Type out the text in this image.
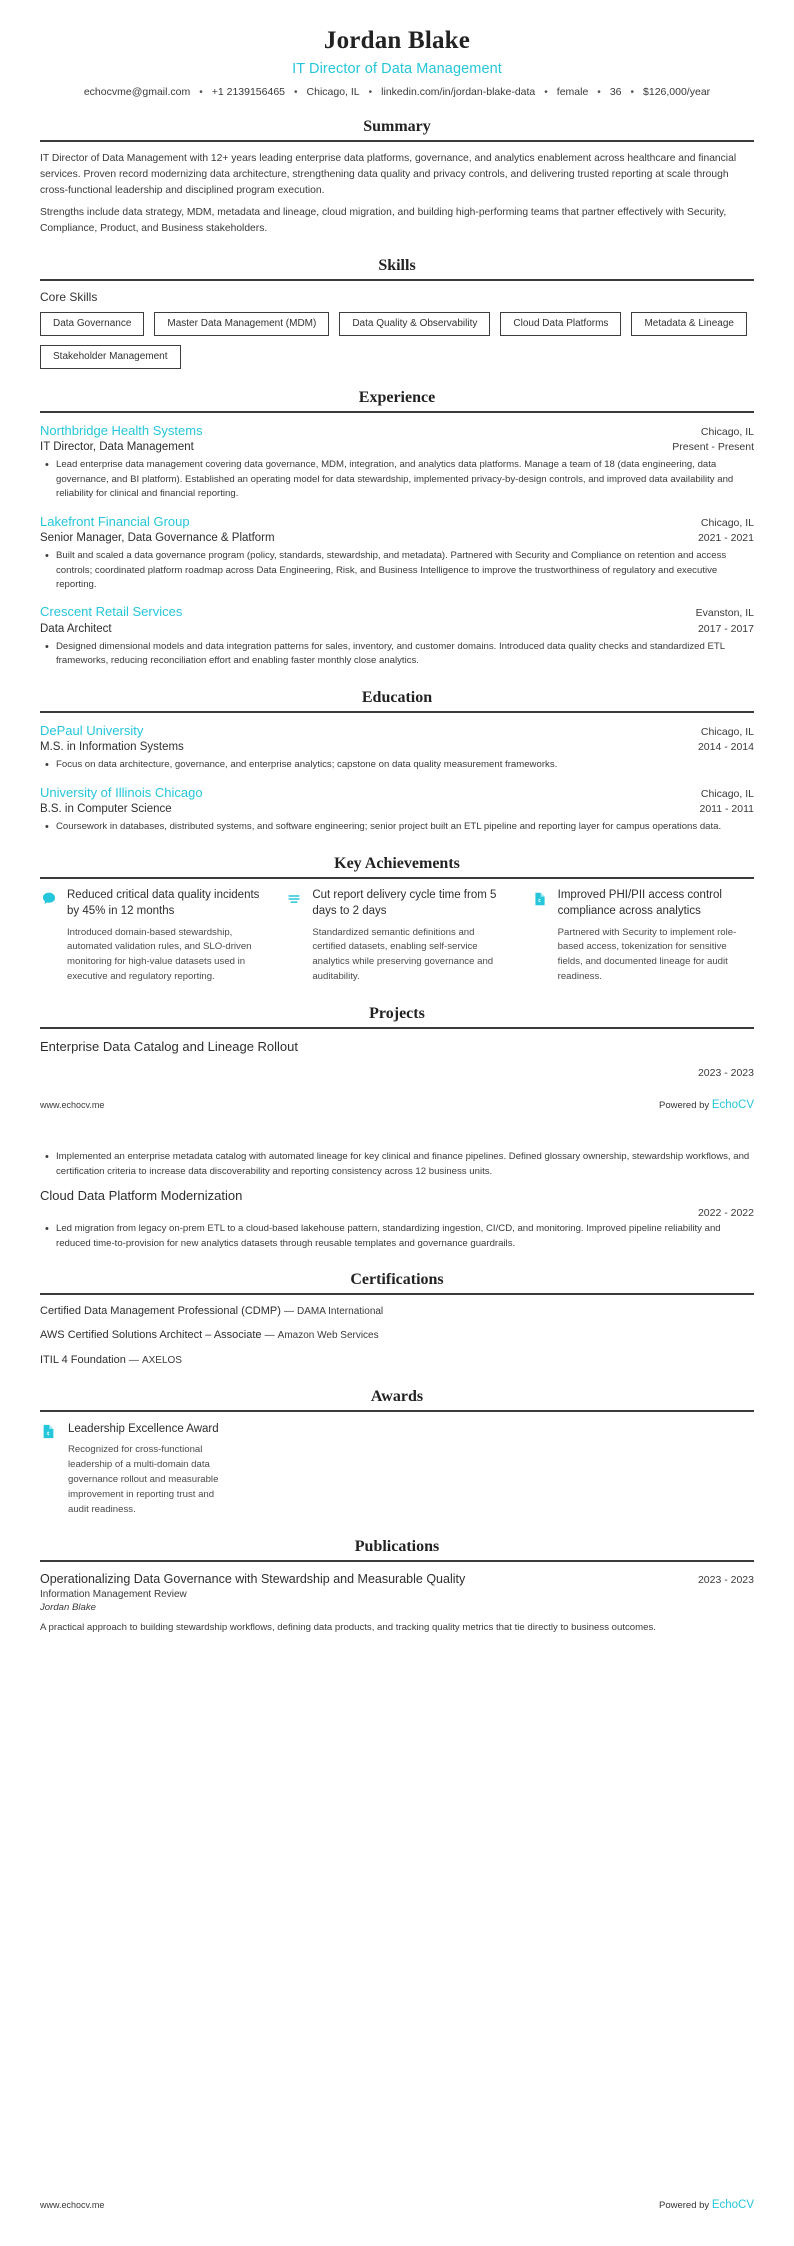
Jordan Blake
IT Director of Data Management
echocvme@gmail.com • +1 2139156465 • Chicago, IL • linkedin.com/in/jordan-blake-data • female • 36 • $126,000/year
Summary

IT Director of Data Management with 12+ years leading enterprise data platforms, governance, and analytics enablement across healthcare and financial services. Proven record modernizing data architecture, strengthening data quality and privacy controls, and delivering trusted reporting at scale through cross-functional leadership and disciplined program execution.

Strengths include data strategy, MDM, metadata and lineage, cloud migration, and building high-performing teams that partner effectively with Security, Compliance, Product, and Business stakeholders.

Skills
Core Skills
Data Governance	Master Data Management (MDM)	Data Quality & Observability	Cloud Data Platforms	Metadata & Lineage
Stakeholder Management
Experience
Northbridge Health Systems	Chicago, IL
IT Director, Data Management	Present - Present
• Lead enterprise data management covering data governance, MDM, integration, and analytics data platforms. Manage a team of 18 (data engineering, data governance, and BI platform). Established an operating model for data stewardship, implemented privacy-by-design controls, and improved data availability and reliability for clinical and financial reporting.
Lakefront Financial Group	Chicago, IL
Senior Manager, Data Governance & Platform	2021 - 2021
• Built and scaled a data governance program (policy, standards, stewardship, and metadata). Partnered with Security and Compliance on retention and access controls; coordinated platform roadmap across Data Engineering, Risk, and Business Intelligence to improve the trustworthiness of regulatory and executive reporting.
Crescent Retail Services	Evanston, IL
Data Architect	2017 - 2017
• Designed dimensional models and data integration patterns for sales, inventory, and customer domains. Introduced data quality checks and standardized ETL frameworks, reducing reconciliation effort and enabling faster monthly close analytics.
Education
DePaul University	Chicago, IL
M.S. in Information Systems	2014 - 2014
• Focus on data architecture, governance, and enterprise analytics; capstone on data quality measurement frameworks.
University of Illinois Chicago	Chicago, IL
B.S. in Computer Science	2011 - 2011
• Coursework in databases, distributed systems, and software engineering; senior project built an ETL pipeline and reporting layer for campus operations data.
Key Achievements
Reduced critical data quality incidents by 45% in 12 months
Introduced domain-based stewardship, automated validation rules, and SLO-driven monitoring for high-value datasets used in executive and regulatory reporting.
Cut report delivery cycle time from 5 days to 2 days
Standardized semantic definitions and certified datasets, enabling self-service analytics while preserving governance and auditability.
¢
Improved PHI/PII access control compliance across analytics
Partnered with Security to implement role-based access, tokenization for sensitive fields, and documented lineage for audit readiness.
Projects
Enterprise Data Catalog and Lineage Rollout
2023 - 2023
• Implemented an enterprise metadata catalog with automated lineage for key clinical and finance pipelines. Defined glossary ownership, stewardship workflows, and certification criteria to increase data discoverability and reporting consistency across 12 business units.
Cloud Data Platform Modernization
2022 - 2022
• Led migration from legacy on-prem ETL to a cloud-based lakehouse pattern, standardizing ingestion, CI/CD, and monitoring. Improved pipeline reliability and reduced time-to-provision for new analytics datasets through reusable templates and governance guardrails.
Certifications
Certified Data Management Professional (CDMP) — DAMA International
AWS Certified Solutions Architect – Associate — Amazon Web Services
ITIL 4 Foundation — AXELOS
Awards
¢ Leadership Excellence Award
Recognized for cross-functional leadership of a multi-domain data governance rollout and measurable improvement in reporting trust and audit readiness.
Publications
Operationalizing Data Governance with Stewardship and Measurable Quality	2023 - 2023
Information Management Review
Jordan Blake
A practical approach to building stewardship workflows, defining data products, and tracking quality metrics that tie directly to business outcomes.
www.echocv.me	Powered by EchoCV
www.echocv.me	Powered by EchoCV
